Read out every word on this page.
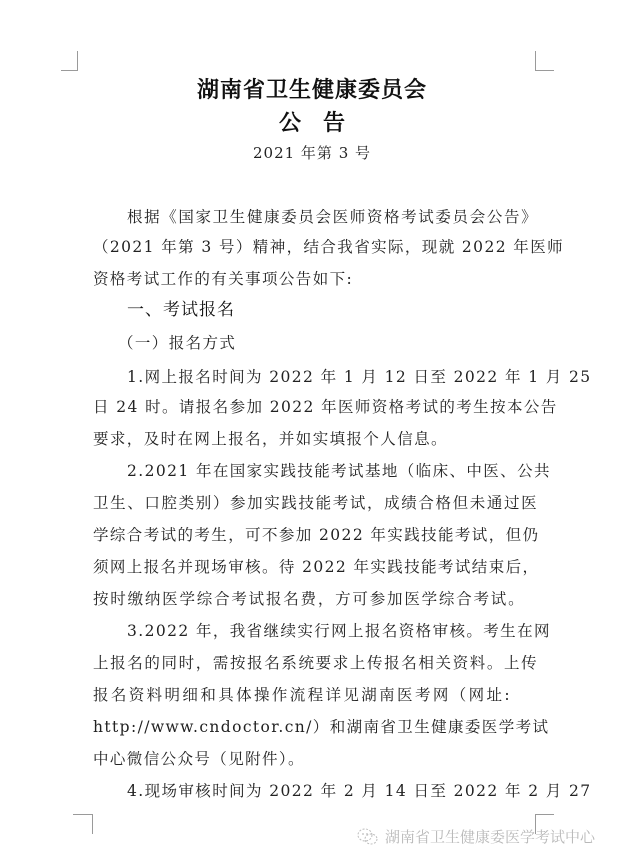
湖南省卫生健康委员会
公告
2021 年第 3 号
根据《国家卫生健康委员会医师资格考试委员会公告》
（2021 年第 3 号）精神，结合我省实际，现就 2022 年医师
资格考试工作的有关事项公告如下:
一、考试报名
（一）报名方式
1.网上报名时间为 2022 年 1 月 12 日至 2022 年 1 月 25
日 24 时。请报名参加 2022 年医师资格考试的考生按本公告
要求，及时在网上报名，并如实填报个人信息。
2.2021 年在国家实践技能考试基地（临床、中医、公共
卫生、口腔类别）参加实践技能考试，成绩合格但未通过医
学综合考试的考生，可不参加 2022 年实践技能考试，但仍
须网上报名并现场审核。待 2022 年实践技能考试结束后，
按时缴纳医学综合考试报名费，方可参加医学综合考试。
3.2022 年，我省继续实行网上报名资格审核。考生在网
上报名的同时，需按报名系统要求上传报名相关资料。上传
报名资料明细和具体操作流程详见湖南医考网（网址:
http://www.cndoctor.cn/）和湖南省卫生健康委医学考试
中心微信公众号（见附件）。
4.现场审核时间为 2022 年 2 月 14 日至 2022 年 2 月 27
湖南省卫生健康委医学考试中心
